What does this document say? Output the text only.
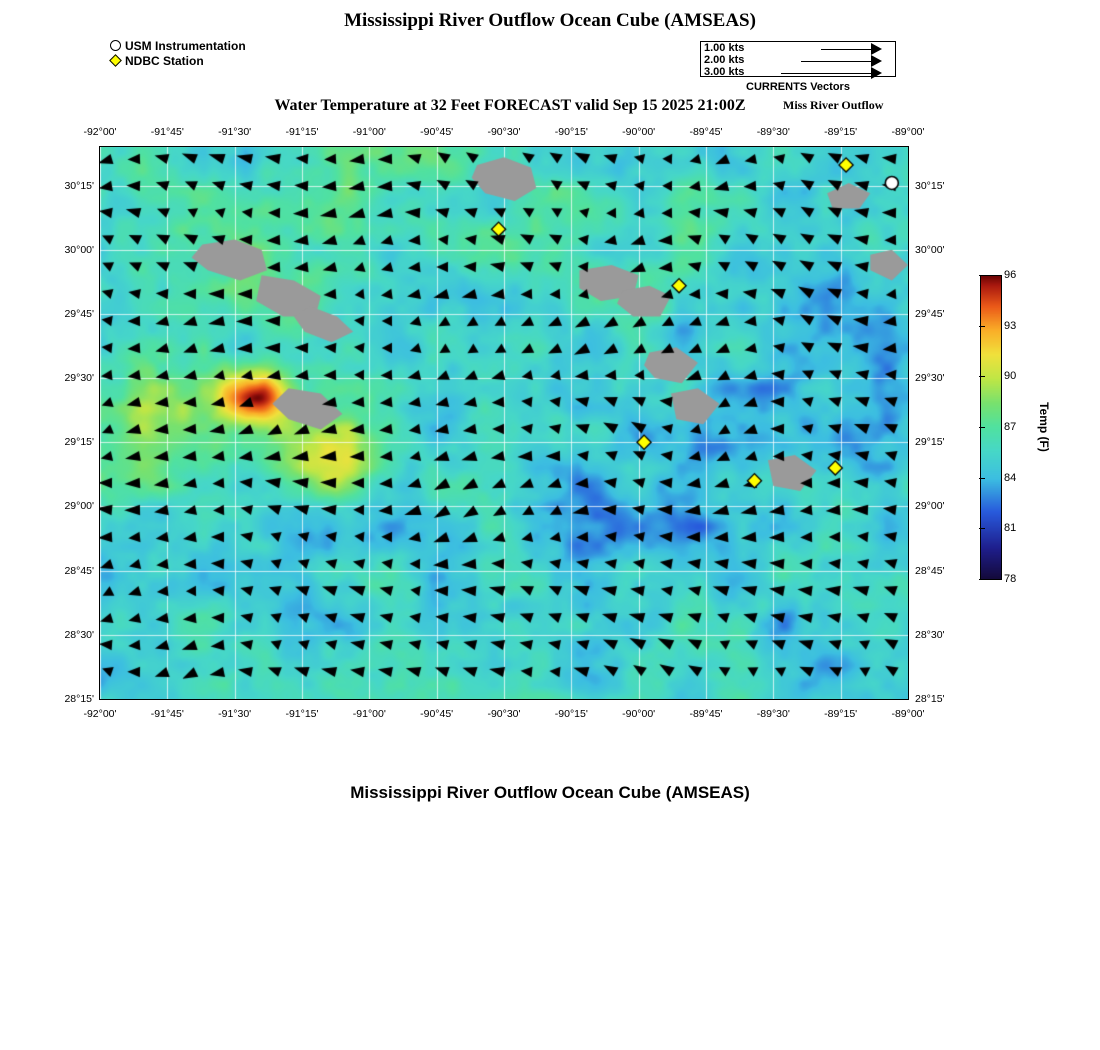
Mississippi River Outflow Ocean Cube (AMSEAS)
USM Instrumentation
NDBC Station
1.00 kts
2.00 kts
3.00 kts
CURRENTS Vectors
Water Temperature at 32 Feet FORECAST valid Sep 15 2025 21:00Z	Miss River Outflow
-92°00'
-92°00'
-91°45'
-91°45'
-91°30'
-91°30'
-91°15'
-91°15'
-91°00'
-91°00'
-90°45'
-90°45'
-90°30'
-90°30'
-90°15'
-90°15'
-90°00'
-90°00'
-89°45'
-89°45'
-89°30'
-89°30'
-89°15'
-89°15'
-89°00'
-89°00'
30°15'	30°15'
30°00'	30°00'
29°45'	29°45'
29°30'	29°30'
29°15'	29°15'
29°00'	29°00'
28°45'	28°45'
28°30'	28°30'
28°15'	28°15'
96
93
90
87
84
81
78
Temp (F)
Mississippi River Outflow Ocean Cube (AMSEAS)
